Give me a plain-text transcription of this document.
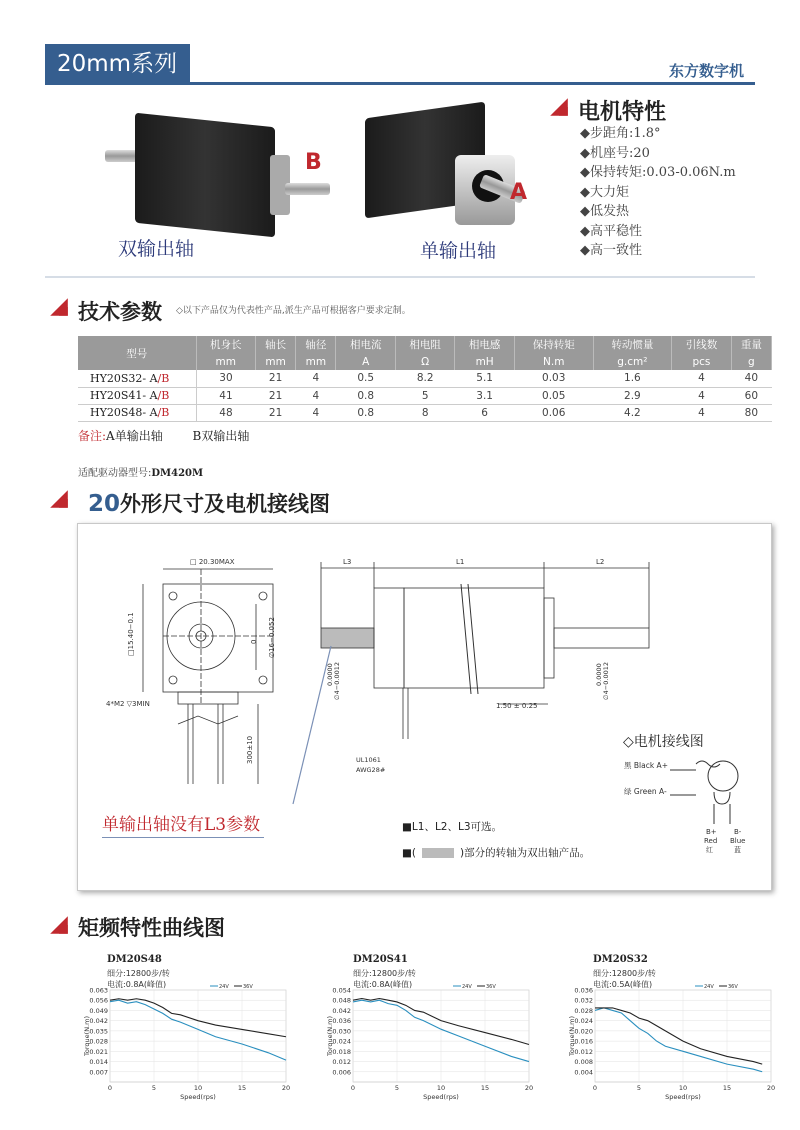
20mm系列	东方数字机
B
双输出轴
A
单输出轴
电机特性
◆步距角:1.8°
◆机座号:20
◆保持转矩:0.03-0.06N.m
◆大力矩
◆低发热
◆高平稳性
◆高一致性
技术参数 ◇以下产品仅为代表性产品,派生产品可根据客户要求定制。
型号	机身长	轴长	轴径	相电流	相电阻	相电感	保持转矩	转动惯量	引线数	重量
	mm	mm	mm	A	Ω	mH	N.m	g.cm²	pcs	g
HY20S32- A/B	30	21	4	0.5	8.2	5.1	0.03	1.6	4	40
HY20S41- A/B	41	21	4	0.8	5	3.1	0.05	2.9	4	60
HY20S48- A/B	48	21	4	0.8	8	6	0.06	4.2	4	80
备注:A单输出轴 B双输出轴
适配驱动器型号:DM420M
20外形尺寸及电机接线图
□ 20.30MAX
□15.40−0.1	0 ∅16−0.052
4*M2 ▽3MIN
300±10
L3	L1	L2
∅4−0.0012
0.0000	∅4−0.0012
0.0000
1.50 ± 0.25
UL1061
AWG28#	黑 Black A+
绿 Green A-
B+
Red
红
B-
Blue
蓝
单输出轴没有L3参数	■L1、L2、L3可选。
■(	)部分的转轴为双出轴产品。
◇电机接线图
矩频特性曲线图
DM20S48
细分:12800步/转
电流:0.8A(峰值)
0.007
0.014
0.021
0.028
0.035
0.042
0.049
0.056
0.063
0	5	10	15	20
Speed(rps)
Torque(N.m)
24V	36V
DM20S41
细分:12800步/转
电流:0.8A(峰值)
0.006
0.012
0.018
0.024
0.030
0.036
0.042
0.048
0.054
0	5	10	15	20
Speed(rps)
Torque(N.m)
24V	36V
DM20S32
细分:12800步/转
电流:0.5A(峰值)
0.004
0.008
0.012
0.016
0.020
0.024
0.028
0.032
0.036
0	5	10	15	20
Speed(rps)
Torque(N.m)
24V	36V
